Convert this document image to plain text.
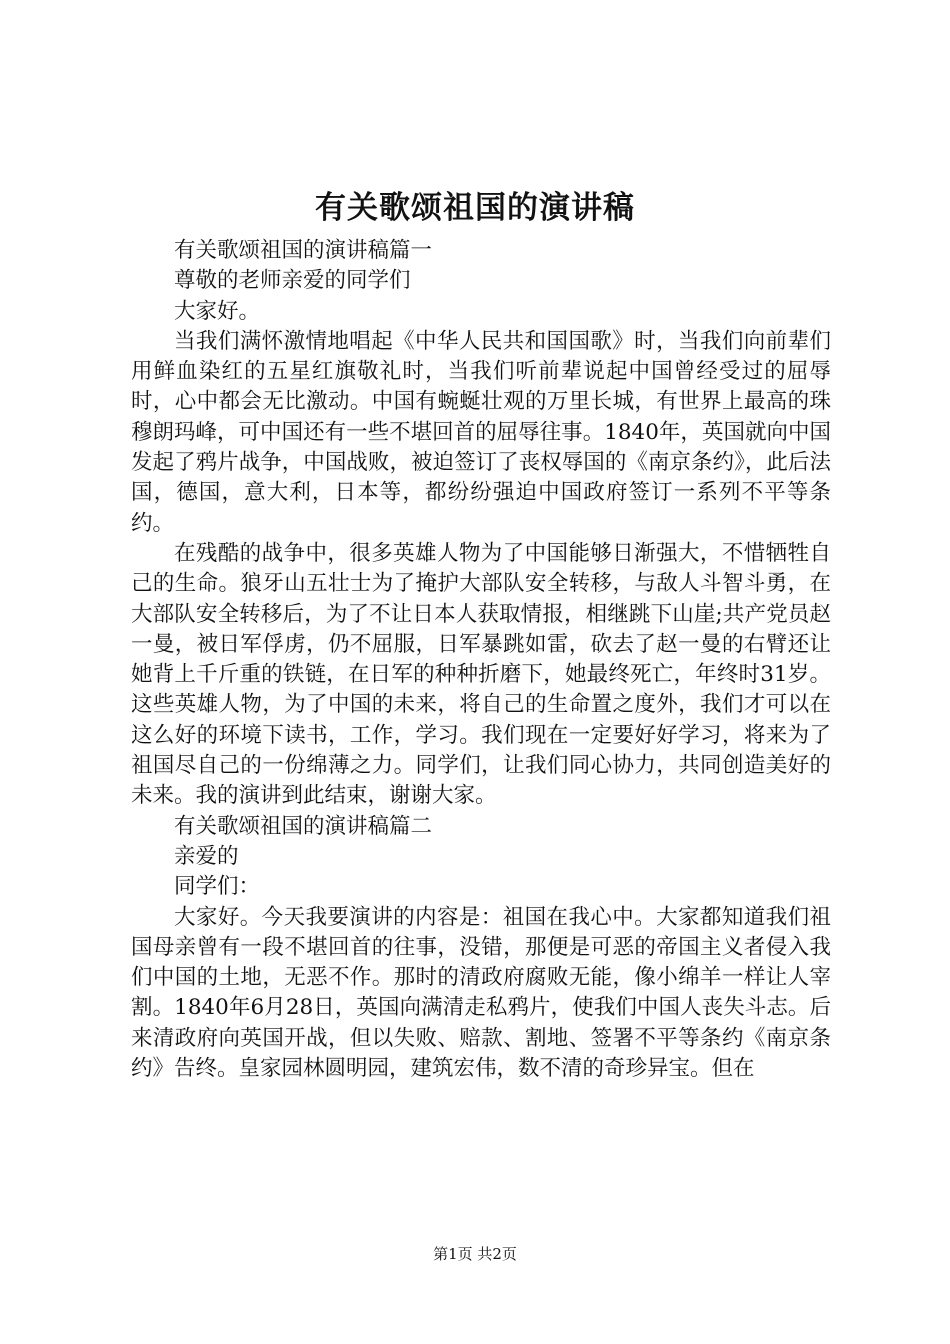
有关歌颂祖国的演讲稿

有关歌颂祖国的演讲稿篇一

尊敬的老师亲爱的同学们

大家好。

当我们满怀激情地唱起《中华人民共和国国歌》时，当我们向前辈们用鲜血染红的五星红旗敬礼时，当我们听前辈说起中国曾经受过的屈辱时，心中都会无比激动。中国有蜿蜒壮观的万里长城，有世界上最高的珠穆朗玛峰，可中国还有一些不堪回首的屈辱往事。1840年，英国就向中国发起了鸦片战争，中国战败，被迫签订了丧权辱国的《南京条约》，此后法国，德国，意大利，日本等，都纷纷强迫中国政府签订一系列不平等条约。

在残酷的战争中，很多英雄人物为了中国能够日渐强大，不惜牺牲自己的生命。狼牙山五壮士为了掩护大部队安全转移，与敌人斗智斗勇，在大部队安全转移后，为了不让日本人获取情报，相继跳下山崖;共产党员赵一曼，被日军俘虏，仍不屈服，日军暴跳如雷，砍去了赵一曼的右臂还让她背上千斤重的铁链，在日军的种种折磨下，她最终死亡，年终时31岁。这些英雄人物，为了中国的未来，将自己的生命置之度外，我们才可以在这么好的环境下读书，工作，学习。我们现在一定要好好学习，将来为了祖国尽自己的一份绵薄之力。同学们，让我们同心协力，共同创造美好的未来。我的演讲到此结束，谢谢大家。

有关歌颂祖国的演讲稿篇二

亲爱的

同学们：

大家好。今天我要演讲的内容是：祖国在我心中。大家都知道我们祖国母亲曾有一段不堪回首的往事，没错，那便是可恶的帝国主义者侵入我们中国的土地，无恶不作。那时的清政府腐败无能，像小绵羊一样让人宰割。1840年6月28日，英国向满清走私鸦片，使我们中国人丧失斗志。后来清政府向英国开战，但以失败、赔款、割地、签署不平等条约《南京条约》告终。皇家园林圆明园，建筑宏伟，数不清的奇珍异宝。但在

第1页 共2页
